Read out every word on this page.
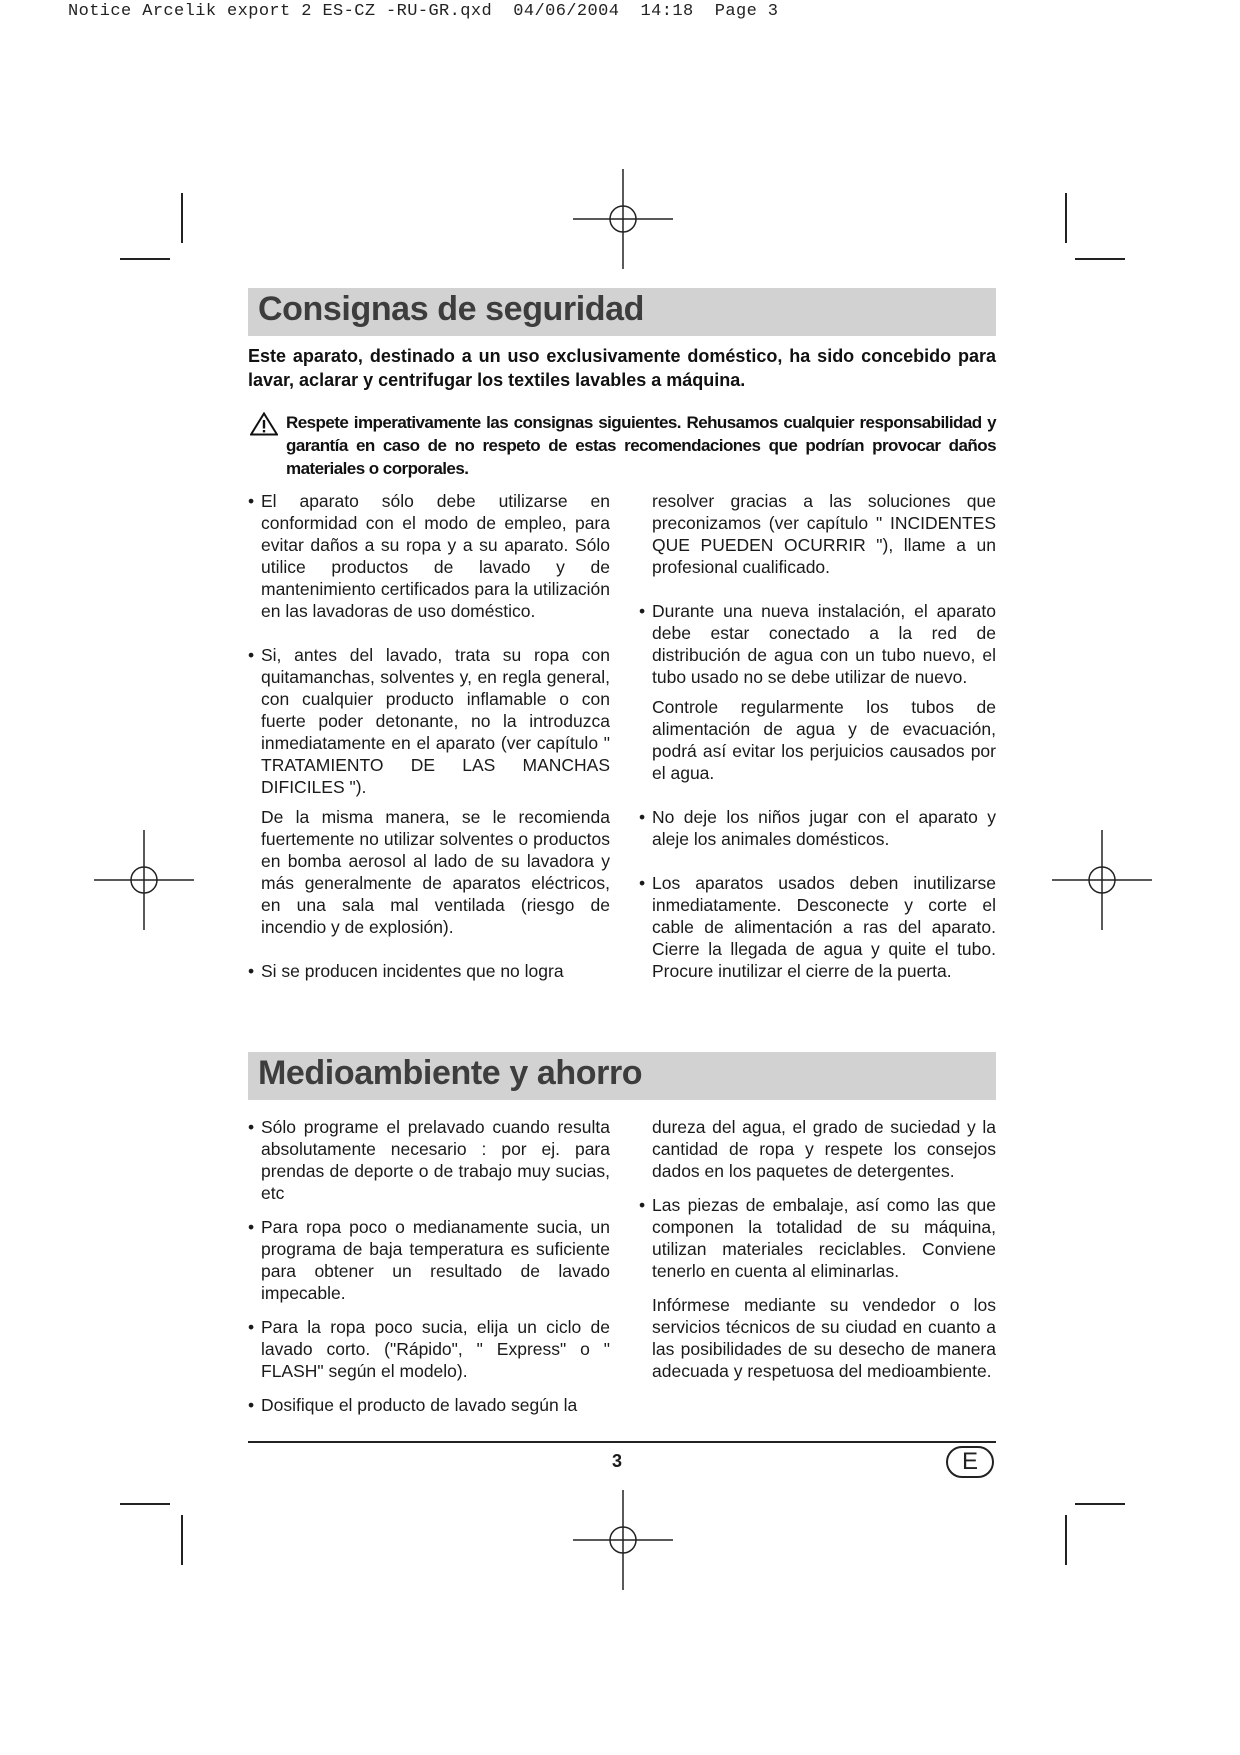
Notice Arcelik export 2 ES-CZ -RU-GR.qxd 04/06/2004 14:18 Page 3
Consignas de seguridad

Este aparato, destinado a un uso exclusivamente doméstico, ha sido concebido para lavar, aclarar y centrifugar los textiles lavables a máquina.

Respete imperativamente las consignas siguientes. Rehusamos cualquier responsabilidad y garantía en caso de no respeto de estas recomendaciones que podrían provocar daños materiales o corporales.
• El aparato sólo debe utilizarse en conformidad con el modo de empleo, para evitar daños a su ropa y a su aparato. Sólo utilice productos de lavado y de mantenimiento certificados para la utilización en las lavadoras de uso doméstico.
• Si, antes del lavado, trata su ropa con quitamanchas, solventes y, en regla general, con cualquier producto inflamable o con fuerte poder detonante, no la introduzca inmediatamente en el aparato (ver capítulo " TRATAMIENTO DE LAS MANCHAS DIFICILES ").
De la misma manera, se le recomienda fuertemente no utilizar solventes o productos en bomba aerosol al lado de su lavadora y más generalmente de aparatos eléctricos, en una sala mal ventilada (riesgo de incendio y de explosión).
• Si se producen incidentes que no logra
resolver gracias a las soluciones que preconizamos (ver capítulo " INCIDENTES QUE PUEDEN OCURRIR "), llame a un profesional cualificado.
• Durante una nueva instalación, el aparato debe estar conectado a la red de distribución de agua con un tubo nuevo, el tubo usado no se debe utilizar de nuevo.
Controle regularmente los tubos de alimentación de agua y de evacuación, podrá así evitar los perjuicios causados por el agua.
• No deje los niños jugar con el aparato y aleje los animales domésticos.
• Los aparatos usados deben inutilizarse inmediatamente. Desconecte y corte el cable de alimentación a ras del aparato. Cierre la llegada de agua y quite el tubo. Procure inutilizar el cierre de la puerta.
Medioambiente y ahorro
• Sólo programe el prelavado cuando resulta absolutamente necesario : por ej. para prendas de deporte o de trabajo muy sucias, etc
• Para ropa poco o medianamente sucia, un programa de baja temperatura es suficiente para obtener un resultado de lavado impecable.
• Para la ropa poco sucia, elija un ciclo de lavado corto. ("Rápido", " Express" o " FLASH" según el modelo).
• Dosifique el producto de lavado según la
dureza del agua, el grado de suciedad y la cantidad de ropa y respete los consejos dados en los paquetes de detergentes.
• Las piezas de embalaje, así como las que componen la totalidad de su máquina, utilizan materiales reciclables. Conviene tenerlo en cuenta al eliminarlas.
Infórmese mediante su vendedor o los servicios técnicos de su ciudad en cuanto a las posibilidades de su desecho de manera adecuada y respetuosa del medioambiente.
3	E
